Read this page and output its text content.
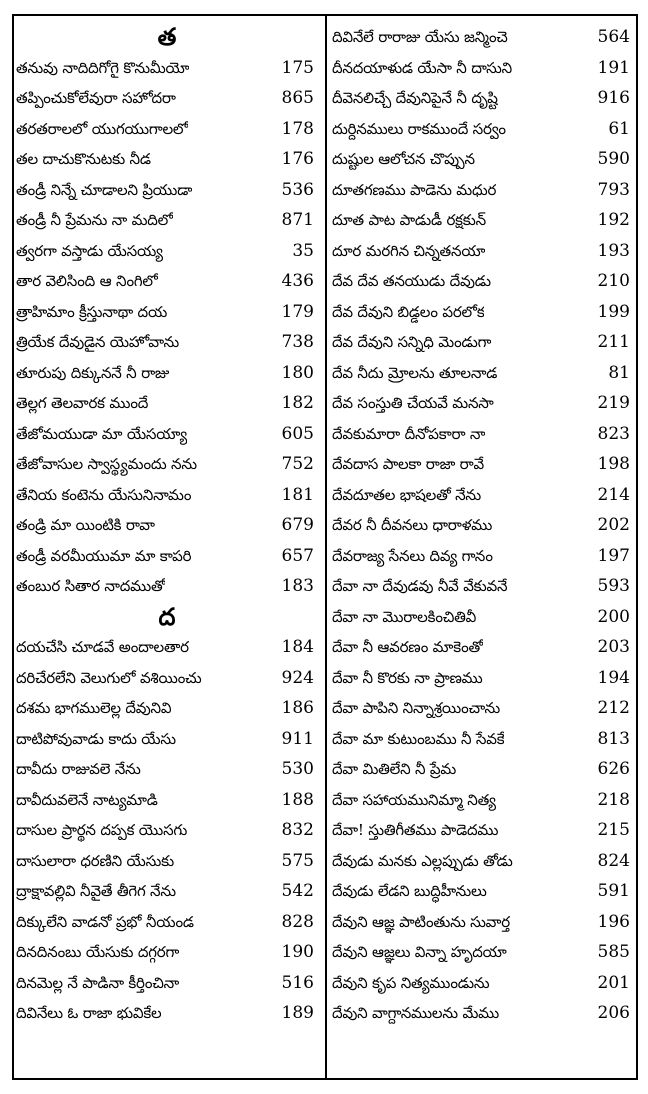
త
తనువు నాదిదిగోగై కొనుమీయో	175
తప్పించుకోలేవురా సహోదరా	865
తరతరాలలో యుగయుగాలలో	178
తల దాచుకొనుటకు నీడ	176
తండ్రీ నిన్నే చూడాలని ప్రియుడా	536
తండ్రీ నీ ప్రేమను నా మదిలో	871
త్వరగా వస్తాడు యేసయ్య	35
తార వెలిసింది ఆ నింగిలో	436
త్రాహిమాం క్రీస్తునాథా దయ	179
త్రియేక దేవుడైన యెహోవాను	738
తూరుపు దిక్కుననే నీ రాజు	180
తెల్లగ తెలవారక ముందే	182
తేజోమయుడా మా యేసయ్యా	605
తేజోవాసుల స్వాస్థ్యమందు నను	752
తేనియ కంటెను యేసునినామం	181
తండ్రి మా యింటికి రావా	679
తండ్రీ వరమీయుమా మా కాపరి	657
తంబుర సితార నాదముతో	183
ద
దయచేసి చూడవే అందాలతార	184
దరిచేరలేని వెలుగులో వశియించు	924
దశమ భాగములెల్ల దేవునివి	186
దాటిపోవువాడు కాదు యేసు	911
దావీదు రాజువలె నేను	530
దావీదువలెనే నాట్యమాడి	188
దాసుల ప్రార్థన దప్పక యొసగు	832
దాసులారా ధరణిని యేసుకు	575
ద్రాక్షావల్లివి నీవైతే తీగెగ నేను	542
దిక్కులేని వాడనో ప్రభో నీయండ	828
దినదినంబు యేసుకు దగ్గరగా	190
దినమెల్ల నే పాడినా కీర్తించినా	516
దివినేలు ఓ రాజా భువికేల	189
దివినేలే రారాజు యేసు జన్మించె	564
దీనదయాళుడ యేసా నీ దాసుని	191
దీవెనలిచ్చే దేవునిపైనే నీ దృష్టి	916
దుర్దినములు రాకముందే సర్వం	61
దుష్టుల ఆలోచన చొప్పున	590
దూతగణము పాడెను మధుర	793
దూత పాట పాడుడీ రక్షకున్	192
దూర మరగిన చిన్నతనయా	193
దేవ దేవ తనయుడు దేవుడు	210
దేవ దేవుని బిడ్డలం పరలోక	199
దేవ దేవుని సన్నిధి మెండుగా	211
దేవ నీదు మ్రోలను తూలనాడ	81
దేవ సంస్తుతి చేయవే మనసా	219
దేవకుమారా దీనోపకారా నా	823
దేవదాస పాలకా రాజా రావే	198
దేవదూతల భాషలతో నేను	214
దేవర నీ దీవనలు ధారాళము	202
దేవరాజ్య సేనలు దివ్య గానం	197
దేవా నా దేవుడవు నీవే వేకువనే	593
దేవా నా మొరాలకించితివీ	200
దేవా నీ ఆవరణం మాకెంతో	203
దేవా నీ కొరకు నా ప్రాణము	194
దేవా పాపిని నిన్నాశ్రయించాను	212
దేవా మా కుటుంబము నీ సేవకే	813
దేవా మితిలేని నీ ప్రేమ	626
దేవా సహాయమునిమ్మా నిత్య	218
దేవా! స్తుతిగీతము పాడెదము	215
దేవుడు మనకు ఎల్లప్పుడు తోడు	824
దేవుడు లేడని బుద్ధిహీనులు	591
దేవుని ఆజ్ఞ పాటింతును సువార్త	196
దేవుని ఆజ్ఞలు విన్నా హృదయా	585
దేవుని కృప నిత్యముండును	201
దేవుని వాగ్దానములను మేము	206
